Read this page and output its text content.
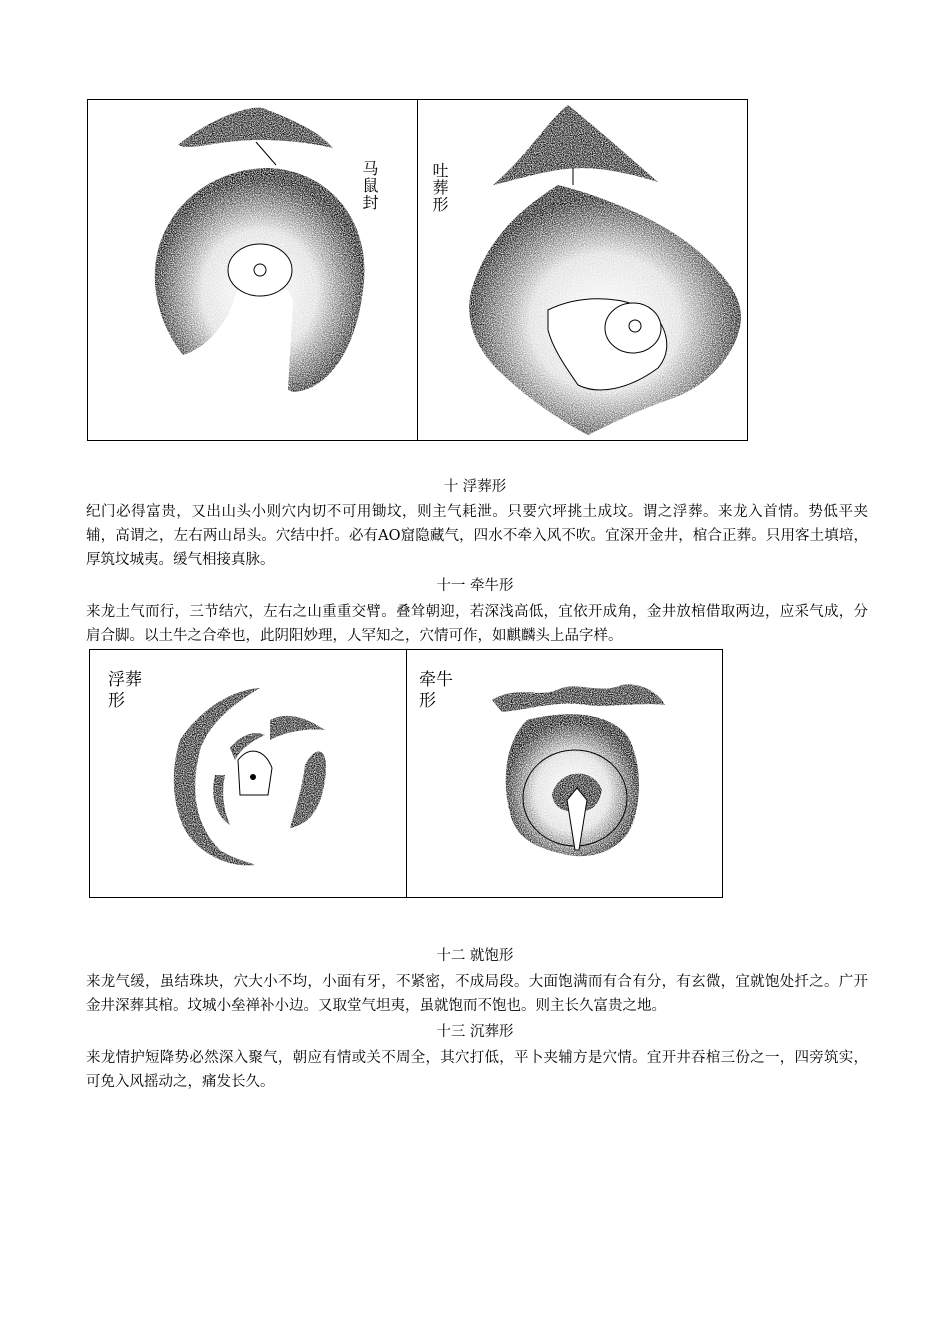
马鼠封	吐葬形
十 浮葬形

纪门必得富贵，又出山头小则穴内切不可用锄坟，则主气耗泄。只要穴坪挑土成坟。谓之浮葬。来龙入首情。势低平夹辅，高谓之，左右两山昂头。穴结中扦。必有AO窟隐藏气，四水不牵入风不吹。宜深开金井，棺合正葬。只用客土填培，厚筑坟城夷。缓气相接真脉。

十一 牵牛形

来龙土气而行，三节结穴，左右之山重重交臂。叠耸朝迎，若深浅高低，宜依开成角，金井放棺借取两边，应采气成，分肩合脚。以土牛之合牵也，此阴阳妙理，人罕知之，穴情可作，如麒麟头上品字样。

浮葬
形
牵牛
形
十二 就饱形

来龙气缓，虽结珠块，穴大小不均，小面有牙，不紧密，不成局段。大面饱满而有合有分，有玄微，宜就饱处扦之。广开金井深葬其棺。坟城小垒禅补小边。又取堂气坦夷，虽就饱而不饱也。则主长久富贵之地。

十三 沉葬形

来龙情护短降势必然深入聚气，朝应有情或关不周全，其穴打低，平卜夹辅方是穴情。宜开井吞棺三份之一，四旁筑实，可免入风摇动之，痛发长久。
